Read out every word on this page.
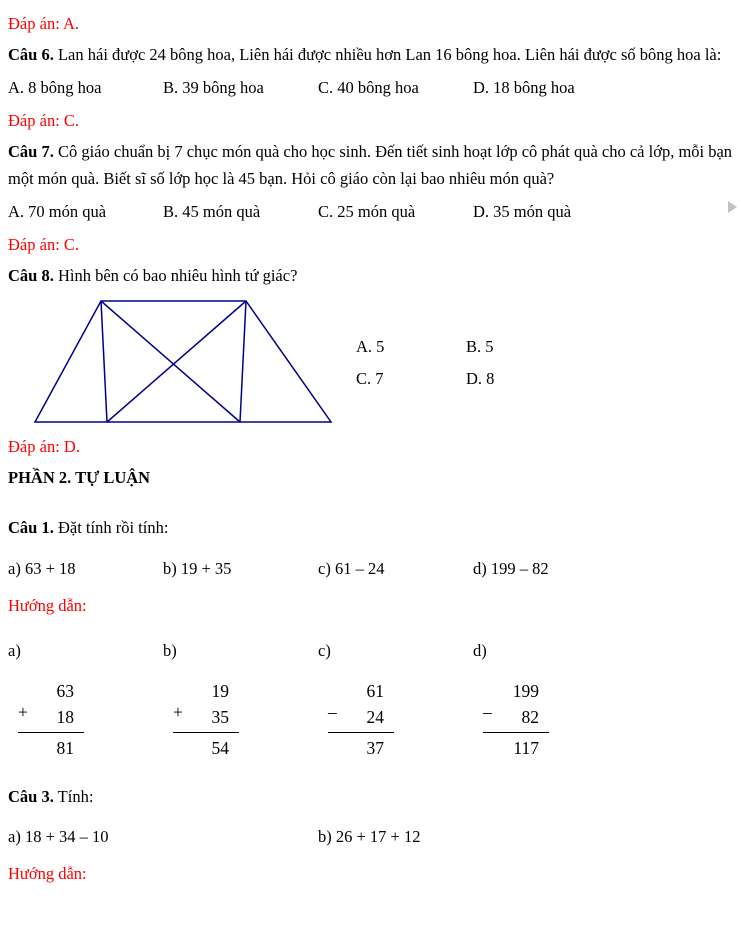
Đáp án: A.

Câu 6. Lan hái được 24 bông hoa, Liên hái được nhiều hơn Lan 16 bông hoa. Liên hái được số bông hoa là:

A. 8 bông hoa	B. 39 bông hoa	C. 40 bông hoa	D. 18 bông hoa

Đáp án: C.

Câu 7. Cô giáo chuẩn bị 7 chục món quà cho học sinh. Đến tiết sinh hoạt lớp cô phát quà cho cả lớp, mỗi bạn một món quà. Biết sĩ số lớp học là 45 bạn. Hỏi cô giáo còn lại bao nhiêu món quà?

A. 70 món quà	B. 45 món quà	C. 25 món quà	D. 35 món quà

Đáp án: C.

Câu 8. Hình bên có bao nhiêu hình tứ giác?

A. 5	B. 5
C. 7	D. 8

Đáp án: D.

PHẦN 2. TỰ LUẬN

Câu 1. Đặt tính rồi tính:

a) 63 + 18	b) 19 + 35	c) 61 – 24	d) 199 – 82

Hướng dẫn:

a)

63
+	18
81

b)

19
+	35
54

c)

61
–	24
37

d)

199
–	82
117

Câu 3. Tính:

a) 18 + 34 – 10	b) 26 + 17 + 12

Hướng dẫn:
